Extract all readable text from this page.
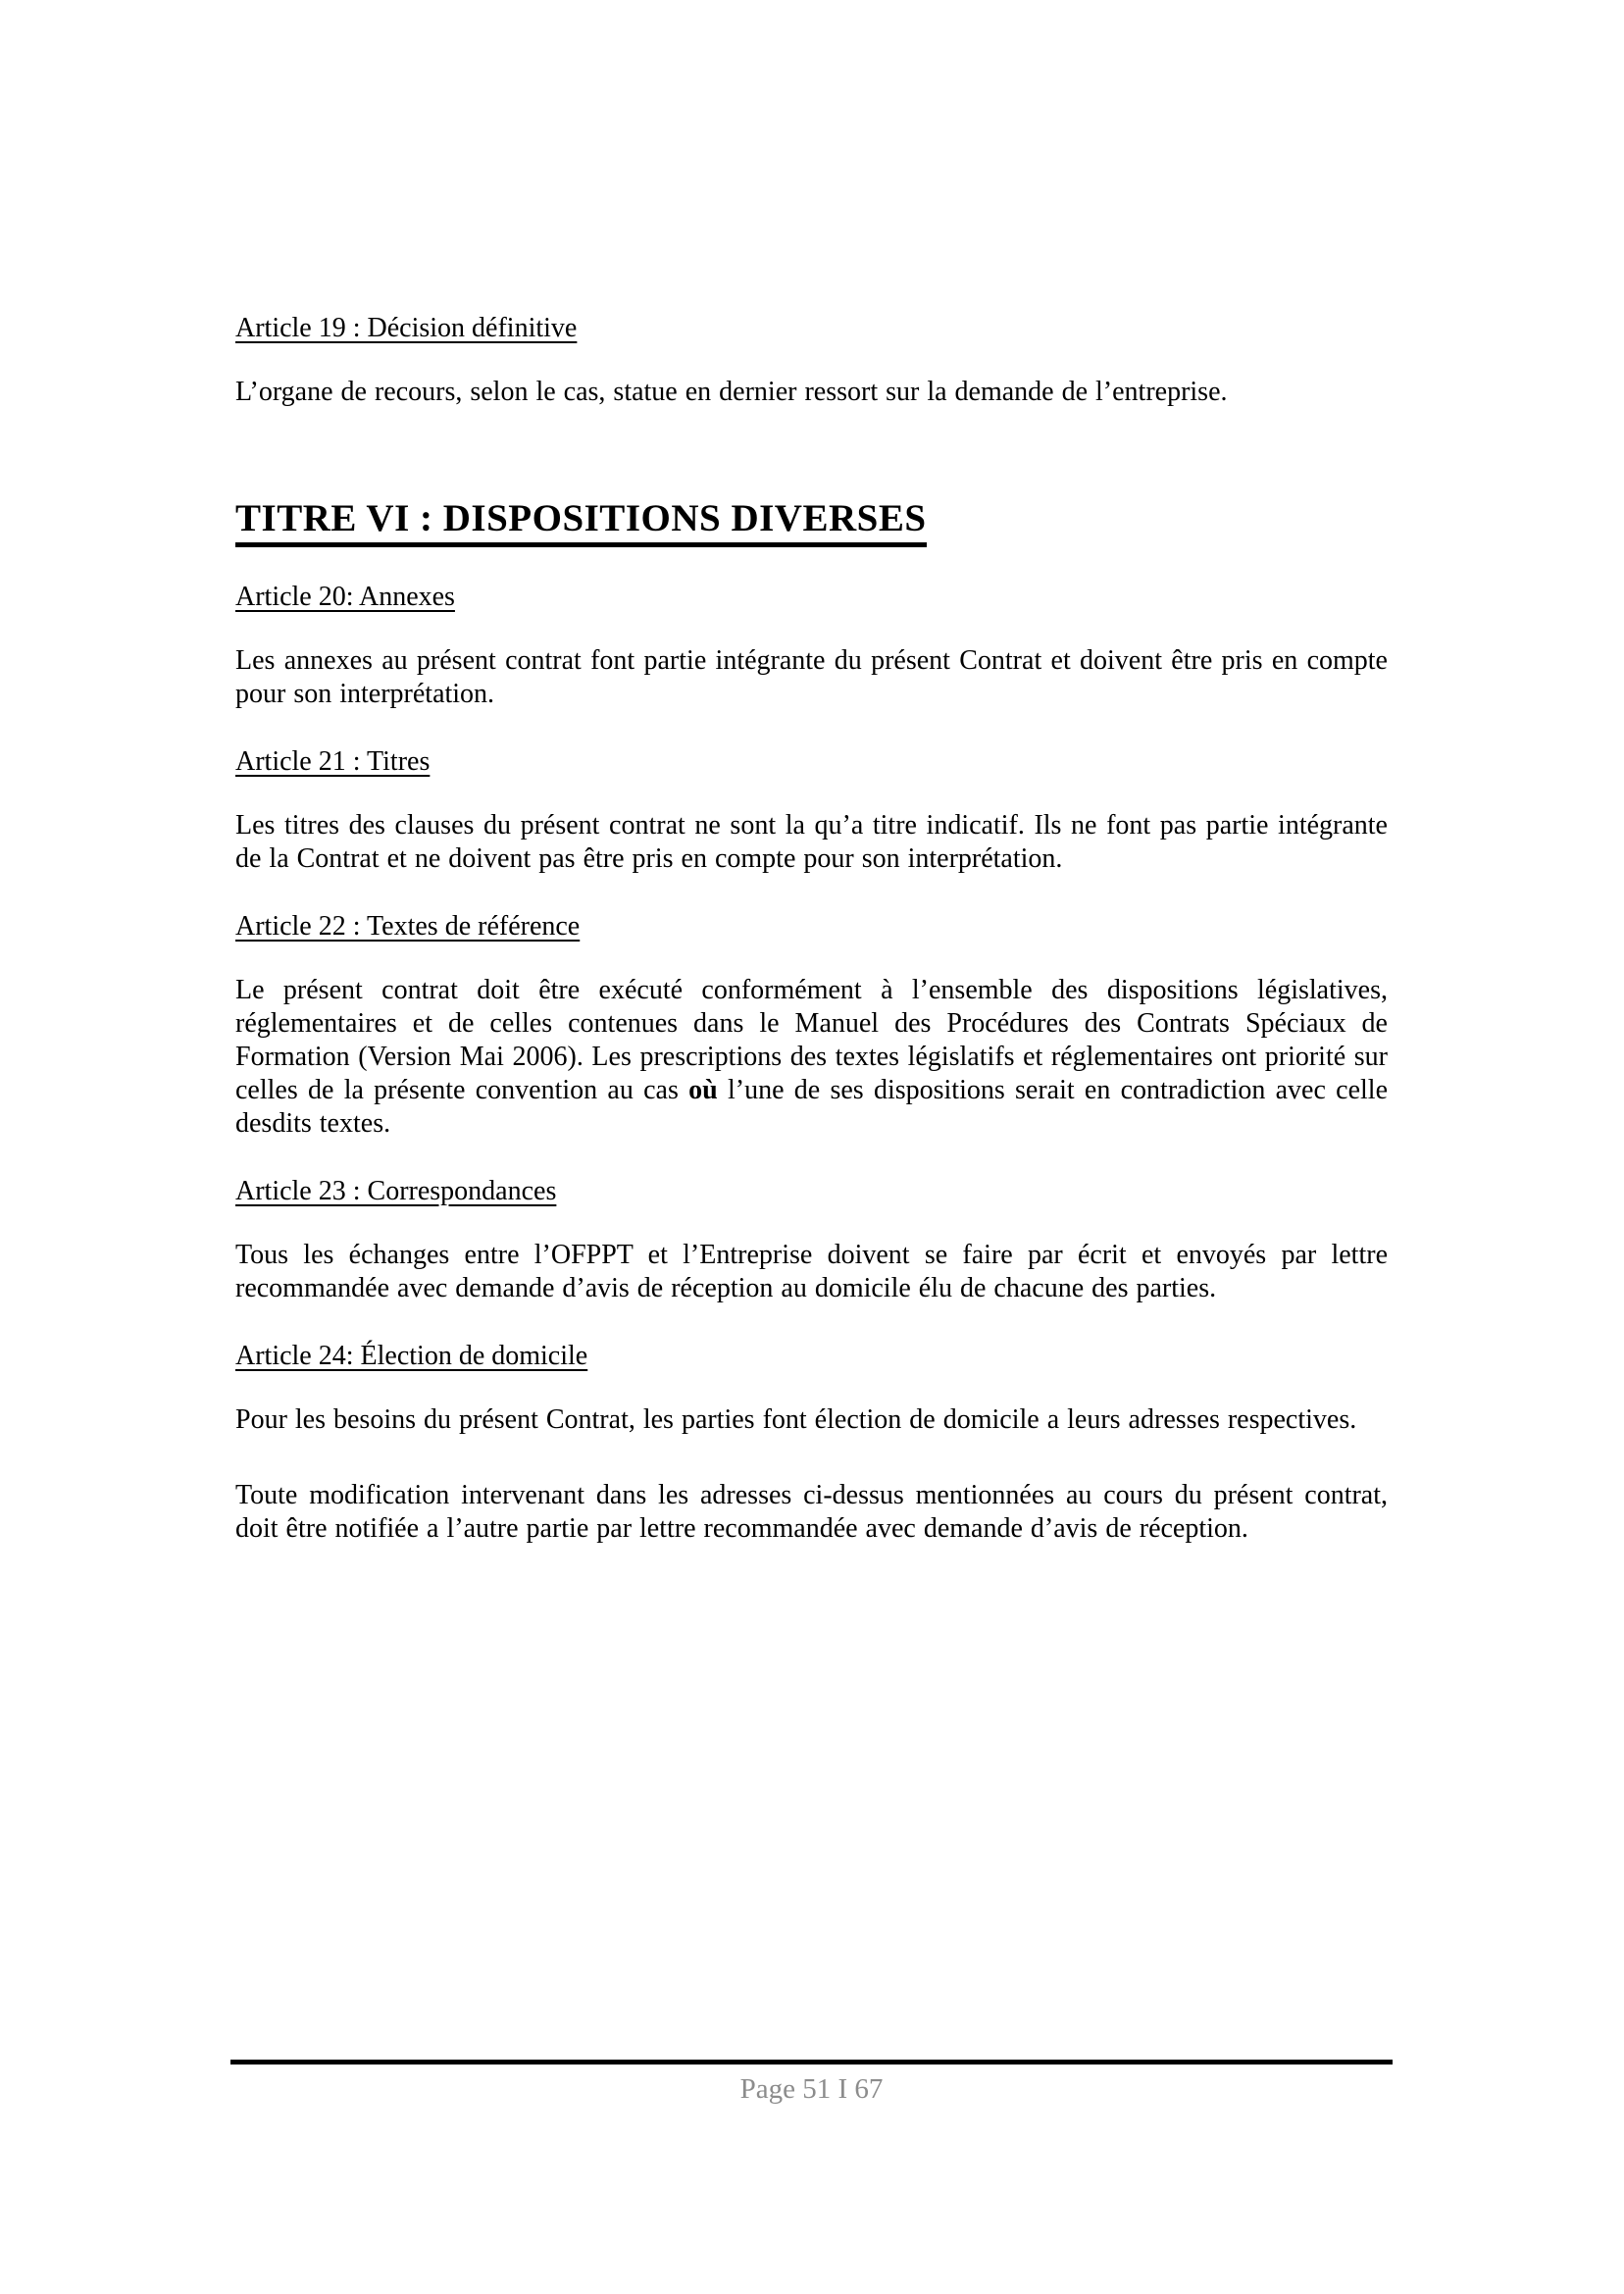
Article 19 : Décision définitive

L’organe de recours, selon le cas, statue en dernier ressort sur la demande de l’entreprise.

TITRE VI : DISPOSITIONS DIVERSES
Article 20: Annexes

Les annexes au présent contrat font partie intégrante du présent Contrat et doivent être pris en compte pour son interprétation.

Article 21 : Titres

Les titres des clauses du présent contrat ne sont la qu’a titre indicatif. Ils ne font pas partie intégrante de la Contrat et ne doivent pas être pris en compte pour son interprétation.

Article 22 : Textes de référence

Le présent contrat doit être exécuté conformément à l’ensemble des dispositions législatives, réglementaires et de celles contenues dans le Manuel des Procédures des Contrats Spéciaux de Formation (Version Mai 2006). Les prescriptions des textes législatifs et réglementaires ont priorité sur celles de la présente convention au cas où l’une de ses dispositions serait en contradiction avec celle desdits textes.

Article 23 : Correspondances

Tous les échanges entre l’OFPPT et l’Entreprise doivent se faire par écrit et envoyés par lettre recommandée avec demande d’avis de réception au domicile élu de chacune des parties.

Article 24: Élection de domicile

Pour les besoins du présent Contrat, les parties font élection de domicile a leurs adresses respectives.

Toute modification intervenant dans les adresses ci-dessus mentionnées au cours du présent contrat, doit être notifiée a l’autre partie par lettre recommandée avec demande d’avis de réception.

Page 51 I 67
